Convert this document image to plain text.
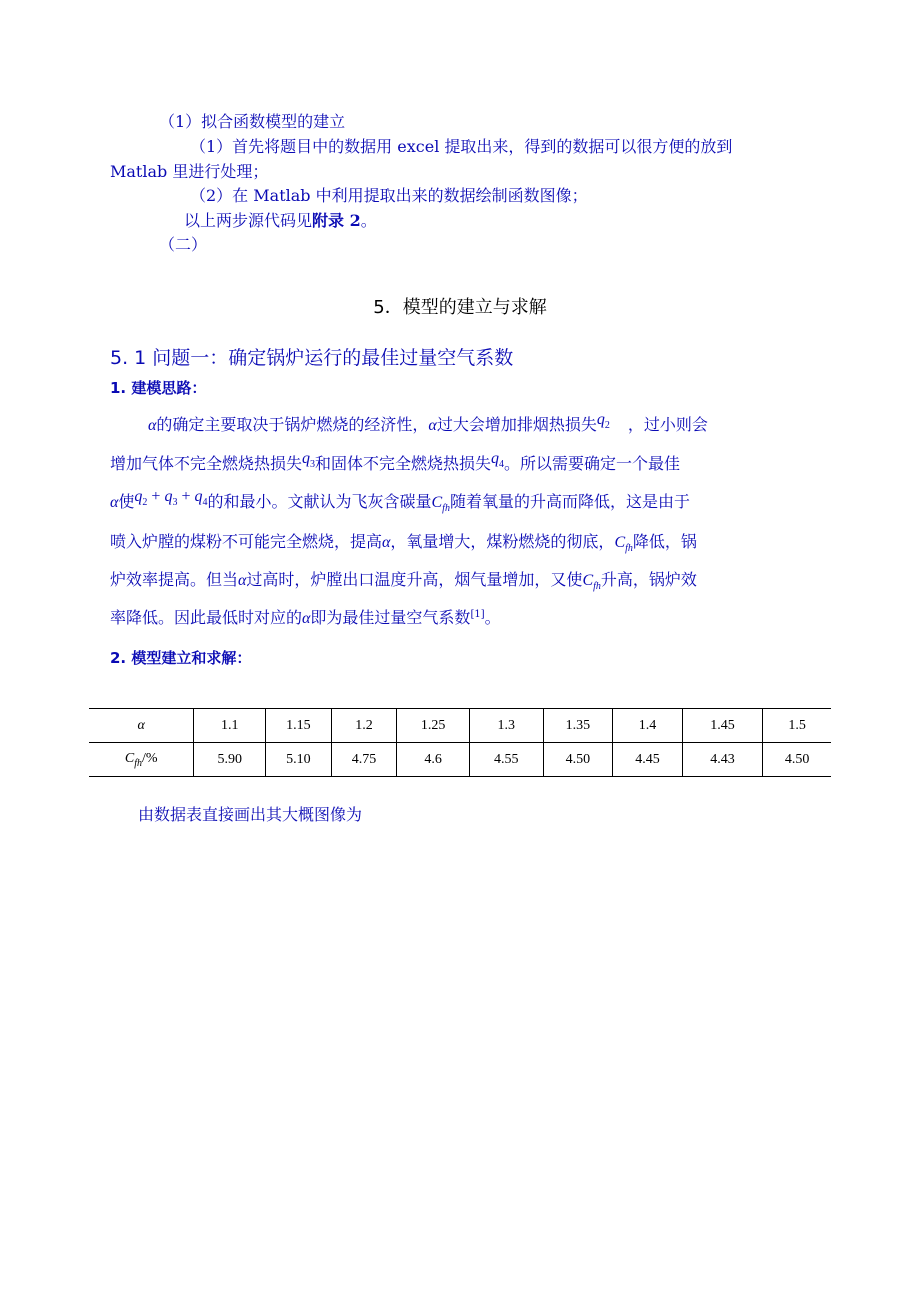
（1）拟合函数模型的建立
（1）首先将题目中的数据用 excel 提取出来，得到的数据可以很方便的放到
Matlab 里进行处理；
（2）在 Matlab 中利用提取出来的数据绘制函数图像；
以上两步源代码见附录 2。
（二）
5．模型的建立与求解
5. 1 问题一：确定锅炉运行的最佳过量空气系数
1. 建模思路：
α的确定主要取决于锅炉燃烧的经济性，α过大会增加排烟热损失$q_2$ ，过小则会
增加气体不完全燃烧热损失$q_3$和固体不完全燃烧热损失$q_4$。所以需要确定一个最佳
α使$q_2 + q_3 + q_4$的和最小。文献认为飞灰含碳量$C_{fh}$随着氧量的升高而降低，这是由于
喷入炉膛的煤粉不可能完全燃烧，提高α，氧量增大，煤粉燃烧的彻底，$C_{fh}$降低，锅
炉效率提高。但当α过高时，炉膛出口温度升高，烟气量增加，又使$C_{fh}$升高，锅炉效
率降低。因此最低时对应的α即为最佳过量空气系数[1]。
2. 模型建立和求解：
α	1.1	1.15	1.2	1.25	1.3	1.35	1.4	1.45	1.5
$C_{fh}/\%$	5.90	5.10	4.75	4.6	4.55	4.50	4.45	4.43	4.50
由数据表直接画出其大概图像为
